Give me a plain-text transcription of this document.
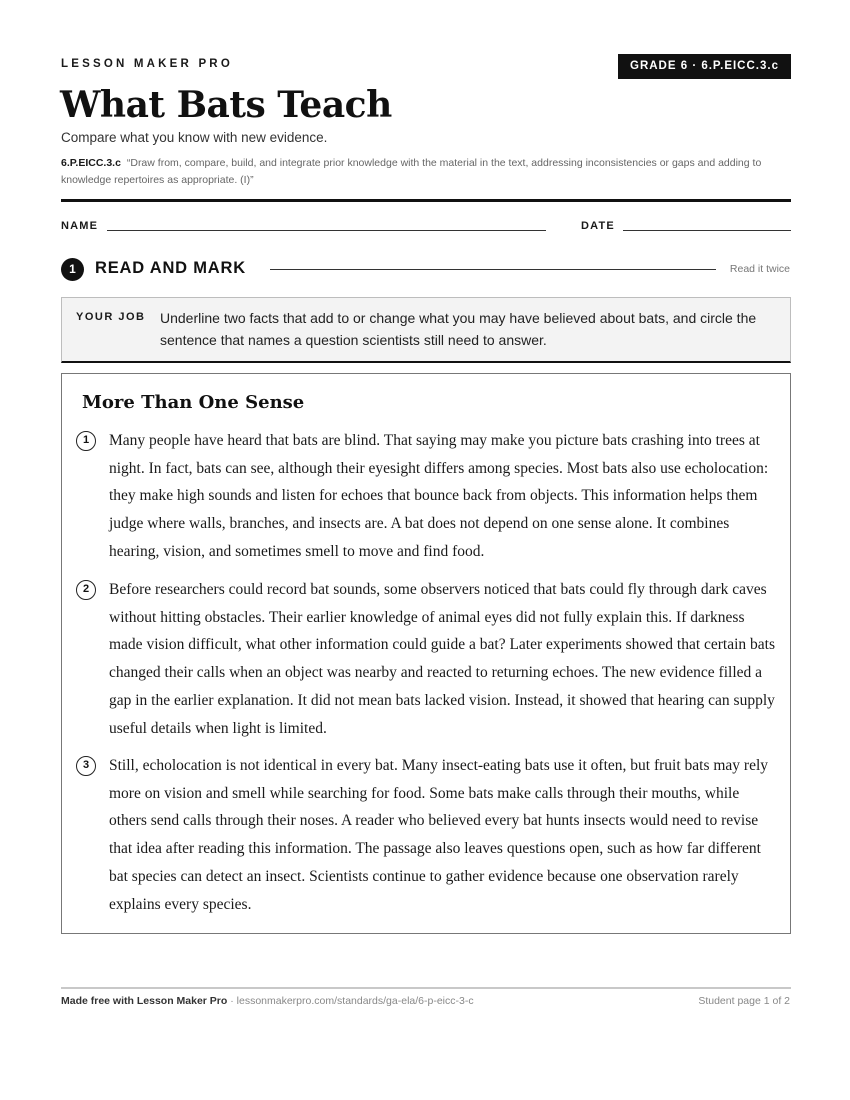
LESSON MAKER PRO	GRADE 6 · 6.P.EICC.3.c
What Bats Teach
Compare what you know with new evidence.
6.P.EICC.3.c “Draw from, compare, build, and integrate prior knowledge with the material in the text, addressing inconsistencies or gaps and adding to knowledge repertoires as appropriate. (I)”
NAME	DATE
1	READ AND MARK	Read it twice
YOUR JOB Underline two facts that add to or change what you may have believed about bats, and circle the sentence that names a question scientists still need to answer.
More Than One Sense
1	Many people have heard that bats are blind. That saying may make you picture bats crashing into trees at night. In fact, bats can see, although their eyesight differs among species. Most bats also use echolocation: they make high sounds and listen for echoes that bounce back from objects. This information helps them judge where walls, branches, and insects are. A bat does not depend on one sense alone. It combines hearing, vision, and sometimes smell to move and find food.
2	Before researchers could record bat sounds, some observers noticed that bats could fly through dark caves without hitting obstacles. Their earlier knowledge of animal eyes did not fully explain this. If darkness made vision difficult, what other information could guide a bat? Later experiments showed that certain bats changed their calls when an object was nearby and reacted to returning echoes. The new evidence filled a gap in the earlier explanation. It did not mean bats lacked vision. Instead, it showed that hearing can supply useful details when light is limited.
3	Still, echolocation is not identical in every bat. Many insect-eating bats use it often, but fruit bats may rely more on vision and smell while searching for food. Some bats make calls through their mouths, while others send calls through their noses. A reader who believed every bat hunts insects would need to revise that idea after reading this information. The passage also leaves questions open, such as how far different bat species can detect an insect. Scientists continue to gather evidence because one observation rarely explains every species.
Made free with Lesson Maker Pro · lessonmakerpro.com/standards/ga-ela/6-p-eicc-3-c	Student page 1 of 2
